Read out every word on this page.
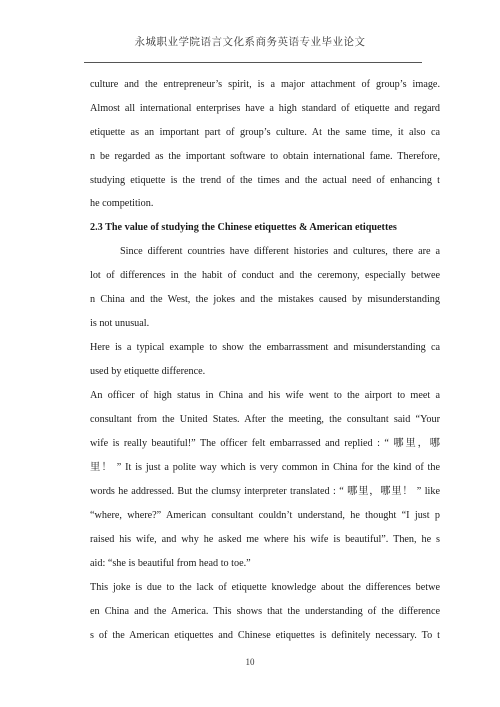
永城职业学院语言文化系商务英语专业毕业论文
culture and the entrepreneur’s spirit, is a major attachment of group’s image.
Almost all international enterprises have a high standard of etiquette and regard
etiquette as an important part of group’s culture. At the same time, it also ca
n be regarded as the important software to obtain international fame. Therefore,
studying etiquette is the trend of the times and the actual need of enhancing t
he competition.
2.3 The value of studying the Chinese etiquettes & American etiquettes
Since different countries have different histories and cultures, there are a
lot of differences in the habit of conduct and the ceremony, especially betwee
n China and the West, the jokes and the mistakes caused by misunderstanding
is not unusual.
Here is a typical example to show the embarrassment and misunderstanding ca
used by etiquette difference.
An officer of high status in China and his wife went to the airport to meet a
consultant from the United States. After the meeting, the consultant said “Your
wife is really beautiful!” The officer felt embarrassed and replied : “ 哪里，哪
里！ ” It is just a polite way which is very common in China for the kind of the
words he addressed. But the clumsy interpreter translated : “ 哪里，哪里！ ” like
“where, where?” American consultant couldn’t understand, he thought “I just p
raised his wife, and why he asked me where his wife is beautiful”. Then, he s
aid: “she is beautiful from head to toe.”
This joke is due to the lack of etiquette knowledge about the differences betwe
en China and the America. This shows that the understanding of the difference
s of the American etiquettes and Chinese etiquettes is definitely necessary. To t
10
